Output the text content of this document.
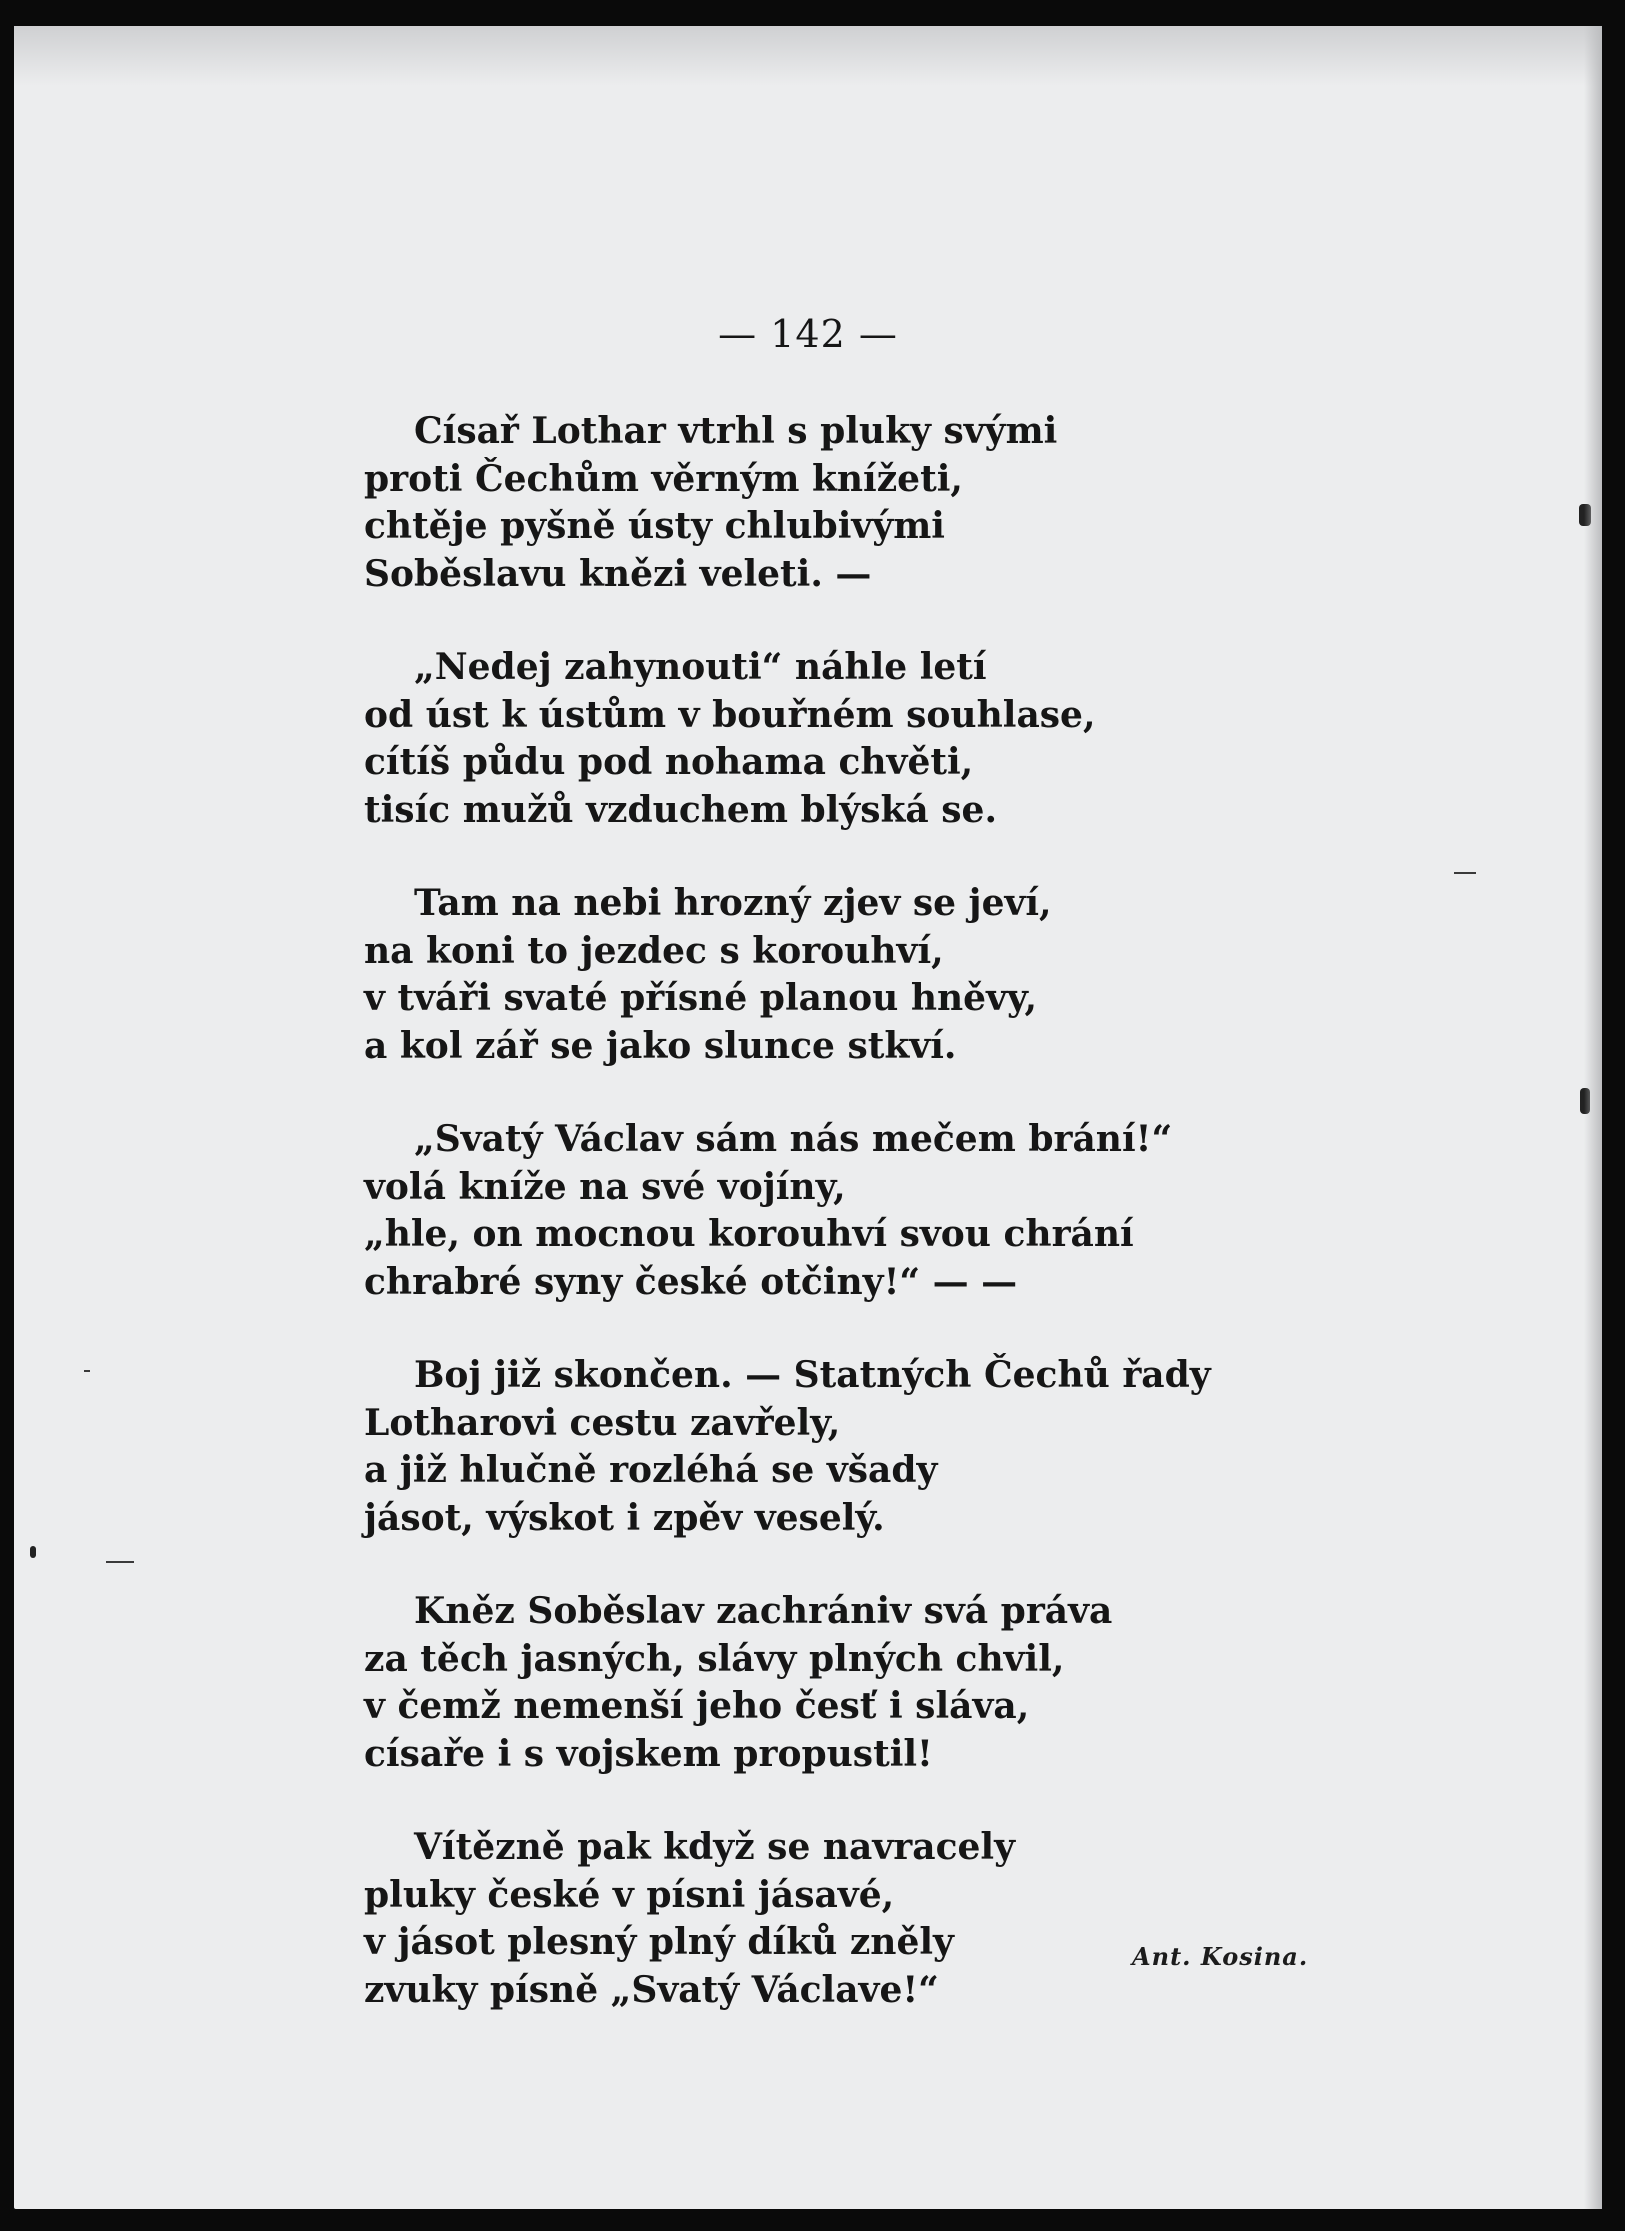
— 142 —
Císař Lothar vtrhl s pluky svými
proti Čechům věrným knížeti,
chtěje pyšně ústy chlubivými
Soběslavu knězi veleti. —
„Nedej zahynouti“ náhle letí
od úst k ústům v bouřném souhlase,
cítíš půdu pod nohama chvěti,
tisíc mužů vzduchem blýská se.
Tam na nebi hrozný zjev se jeví,
na koni to jezdec s korouhví,
v tváři svaté přísné planou hněvy,
a kol zář se jako slunce stkví.
„Svatý Václav sám nás mečem brání!“
volá kníže na své vojíny,
„hle, on mocnou korouhví svou chrání
chrabré syny české otčiny!“ — —
Boj již skončen. — Statných Čechů řady
Lotharovi cestu zavřely,
a již hlučně rozléhá se všady
jásot, výskot i zpěv veselý.
Kněz Soběslav zachrániv svá práva
za těch jasných, slávy plných chvil,
v čemž nemenší jeho česť i sláva,
císaře i s vojskem propustil!
Vítězně pak když se navracely
pluky české v písni jásavé,
v jásot plesný plný díků zněly
zvuky písně „Svatý Václave!“
Ant. Kosina.
